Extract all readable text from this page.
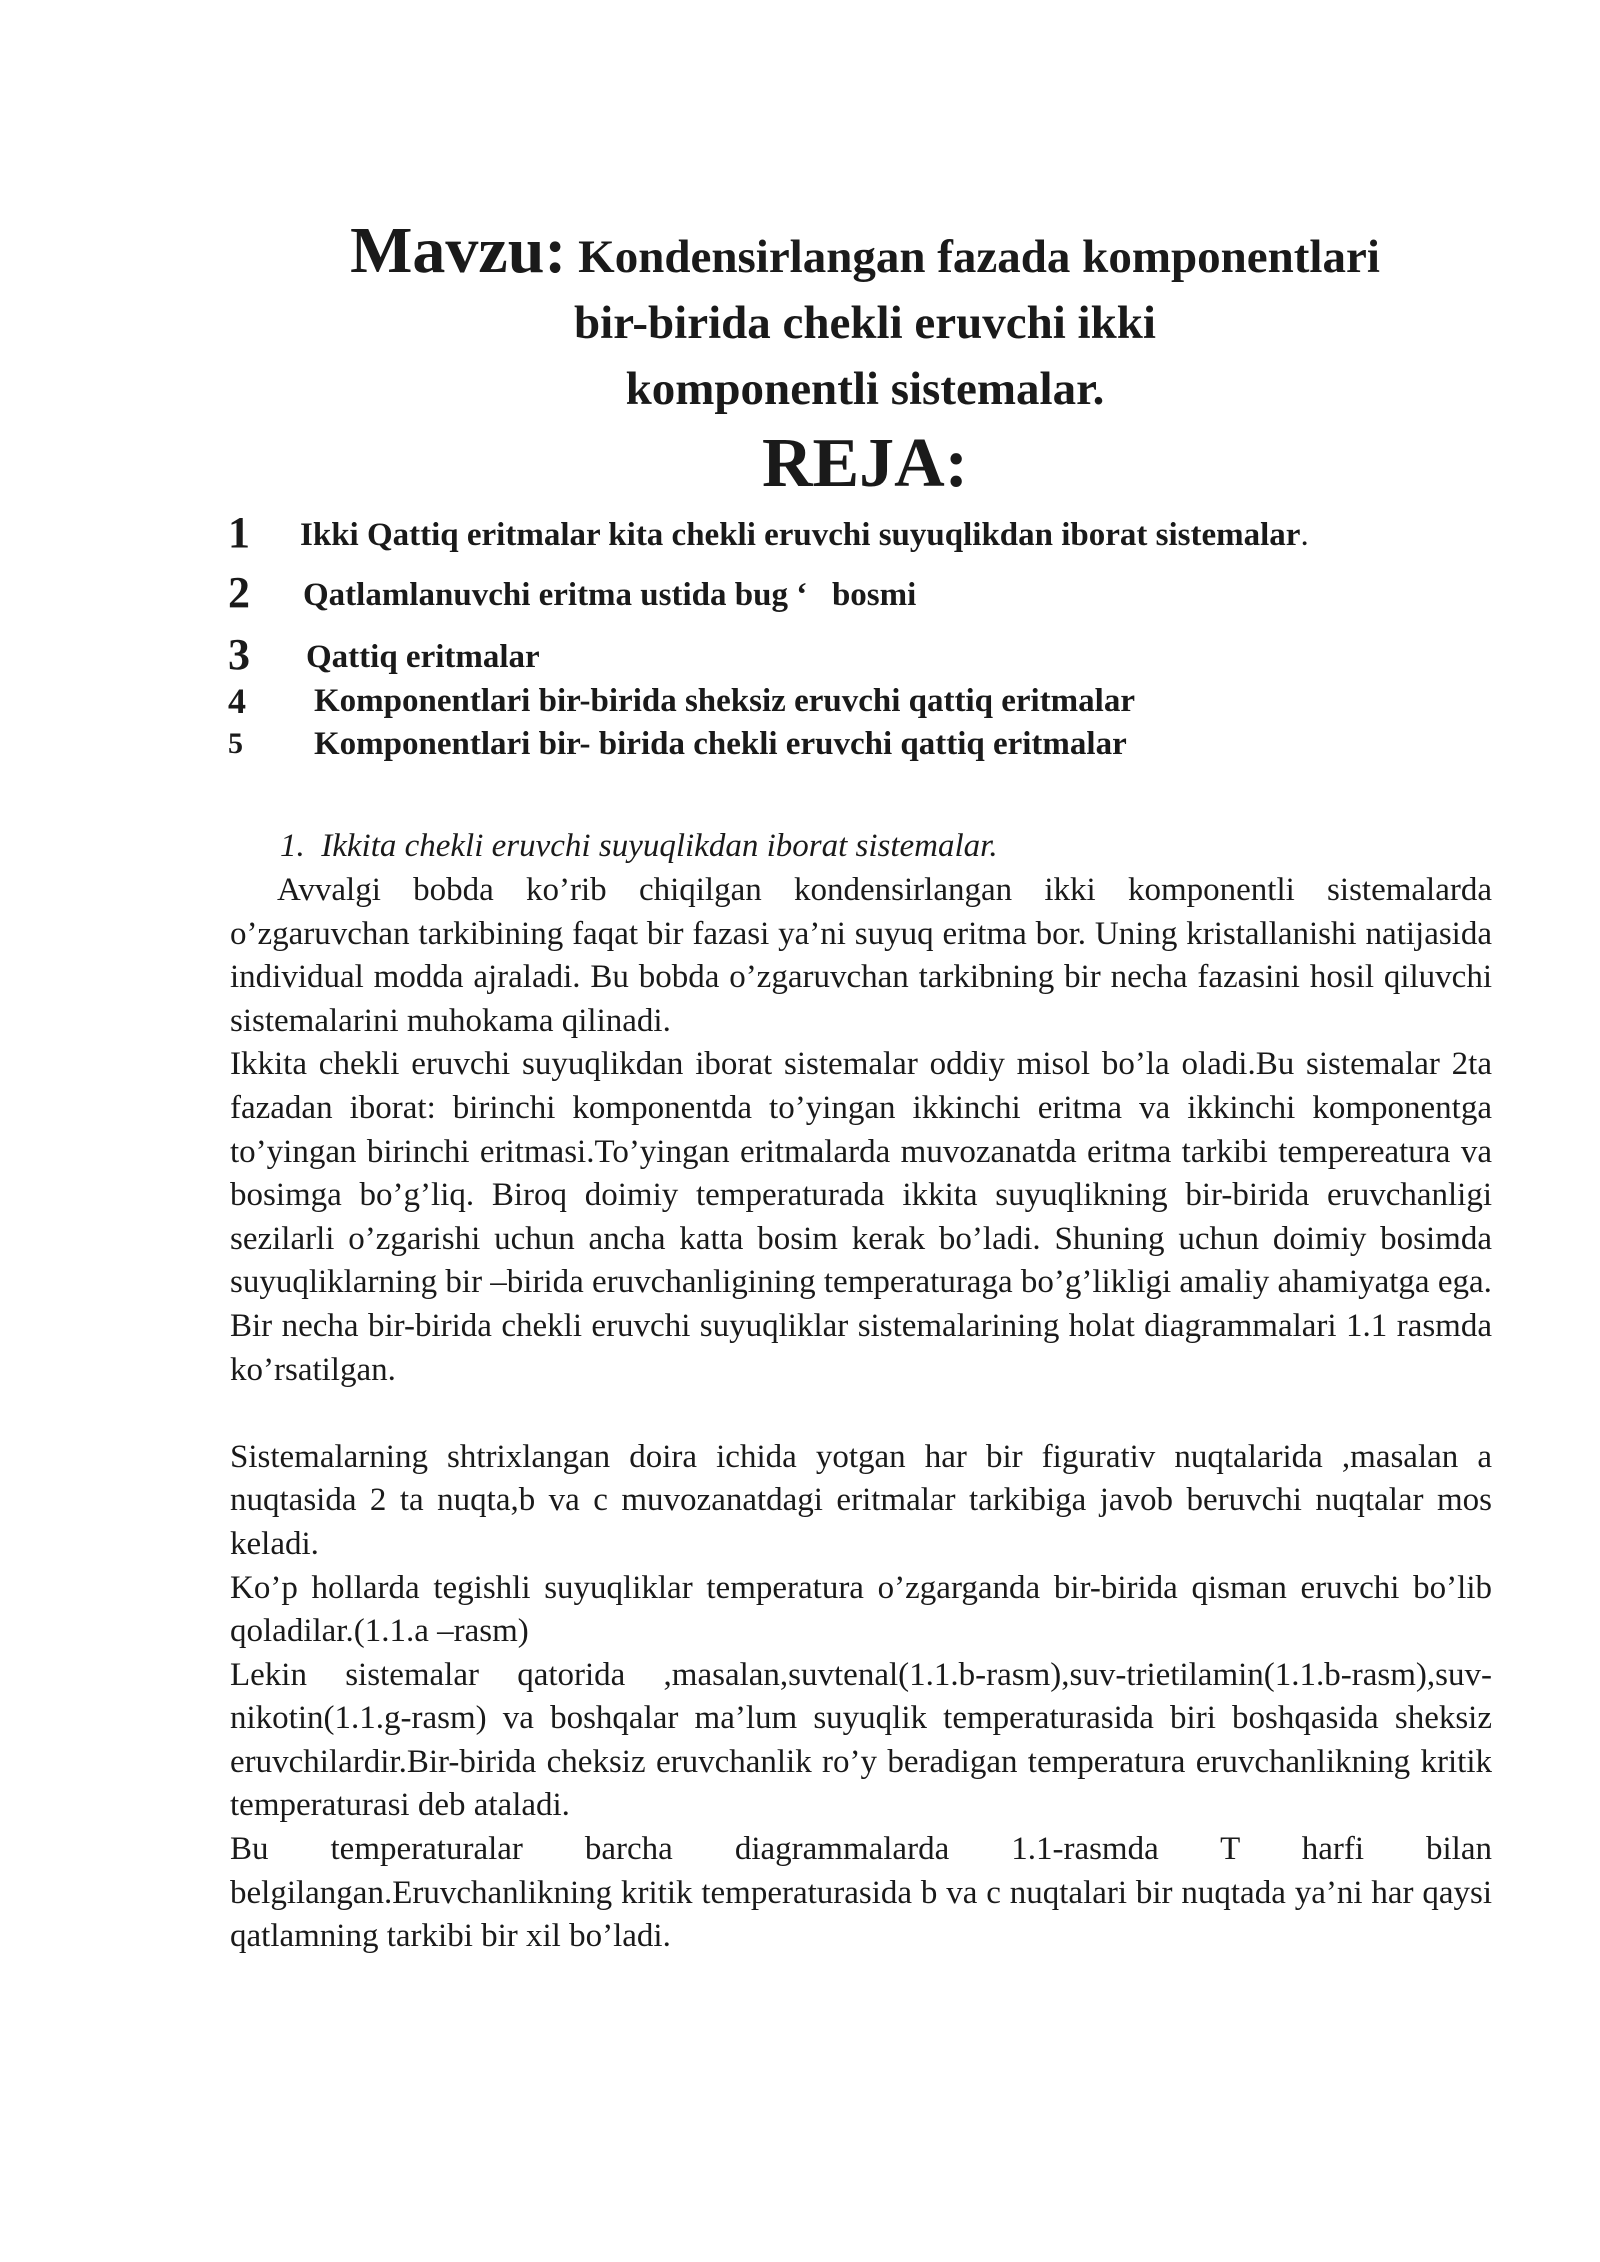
Mavzu: Kondensirlangan fazada komponentlari
bir-birida chekli eruvchi ikki
komponentli sistemalar.
REJA:
1 Ikki Qattiq eritmalar kita chekli eruvchi suyuqlikdan iborat sistemalar.
2 Qatlamlanuvchi eritma ustida bug ‘   bosmi
3 Qattiq eritmalar
4 Komponentlari bir-birida sheksiz eruvchi qattiq eritmalar
5 Komponentlari bir- birida chekli eruvchi qattiq eritmalar
1.  Ikkita chekli eruvchi suyuqlikdan iborat sistemalar.

Avvalgi bobda ko’rib chiqilgan kondensirlangan ikki komponentli sistemalarda o’zgaruvchan tarkibining faqat bir fazasi ya’ni suyuq eritma bor. Uning kristallanishi natijasida individual modda ajraladi. Bu bobda o’zgaruvchan tarkibning bir necha fazasini hosil qiluvchi sistemalarini muhokama qilinadi.

Ikkita chekli eruvchi suyuqlikdan iborat sistemalar oddiy misol bo’la oladi.Bu sistemalar 2ta fazadan iborat: birinchi komponentda to’yingan ikkinchi eritma va ikkinchi komponentga to’yingan birinchi eritmasi.To’yingan eritmalarda muvozanatda eritma tarkibi tempereatura va bosimga bo’g’liq. Biroq doimiy temperaturada ikkita suyuqlikning bir-birida eruvchanligi sezilarli o’zgarishi uchun ancha katta bosim kerak bo’ladi. Shuning uchun doimiy bosimda suyuqliklarning bir –birida eruvchanligining temperaturaga bo’g’likligi amaliy ahamiyatga ega.

Bir necha bir-birida chekli eruvchi suyuqliklar sistemalarining holat diagrammalari 1.1 rasmda ko’rsatilgan.

Sistemalarning shtrixlangan doira ichida yotgan har bir figurativ nuqtalarida ,masalan a nuqtasida 2 ta nuqta,b va c muvozanatdagi eritmalar tarkibiga javob beruvchi nuqtalar mos keladi.

Ko’p hollarda tegishli suyuqliklar temperatura o’zgarganda bir-birida qisman eruvchi bo’lib qoladilar.(1.1.a –rasm)

Lekin sistemalar qatorida ,masalan,suvtenal(1.1.b-rasm),suv-trietilamin(1.1.b-rasm),suv-nikotin(1.1.g-rasm) va boshqalar ma’lum suyuqlik temperaturasida biri boshqasida sheksiz eruvchilardir.Bir-birida cheksiz eruvchanlik ro’y beradigan temperatura eruvchanlikning kritik temperaturasi deb ataladi.

Bu temperaturalar barcha diagrammalarda 1.1-rasmda T harfi bilan belgilangan.Eruvchanlikning kritik temperaturasida b va c nuqtalari bir nuqtada ya’ni har qaysi qatlamning tarkibi bir xil bo’ladi.
